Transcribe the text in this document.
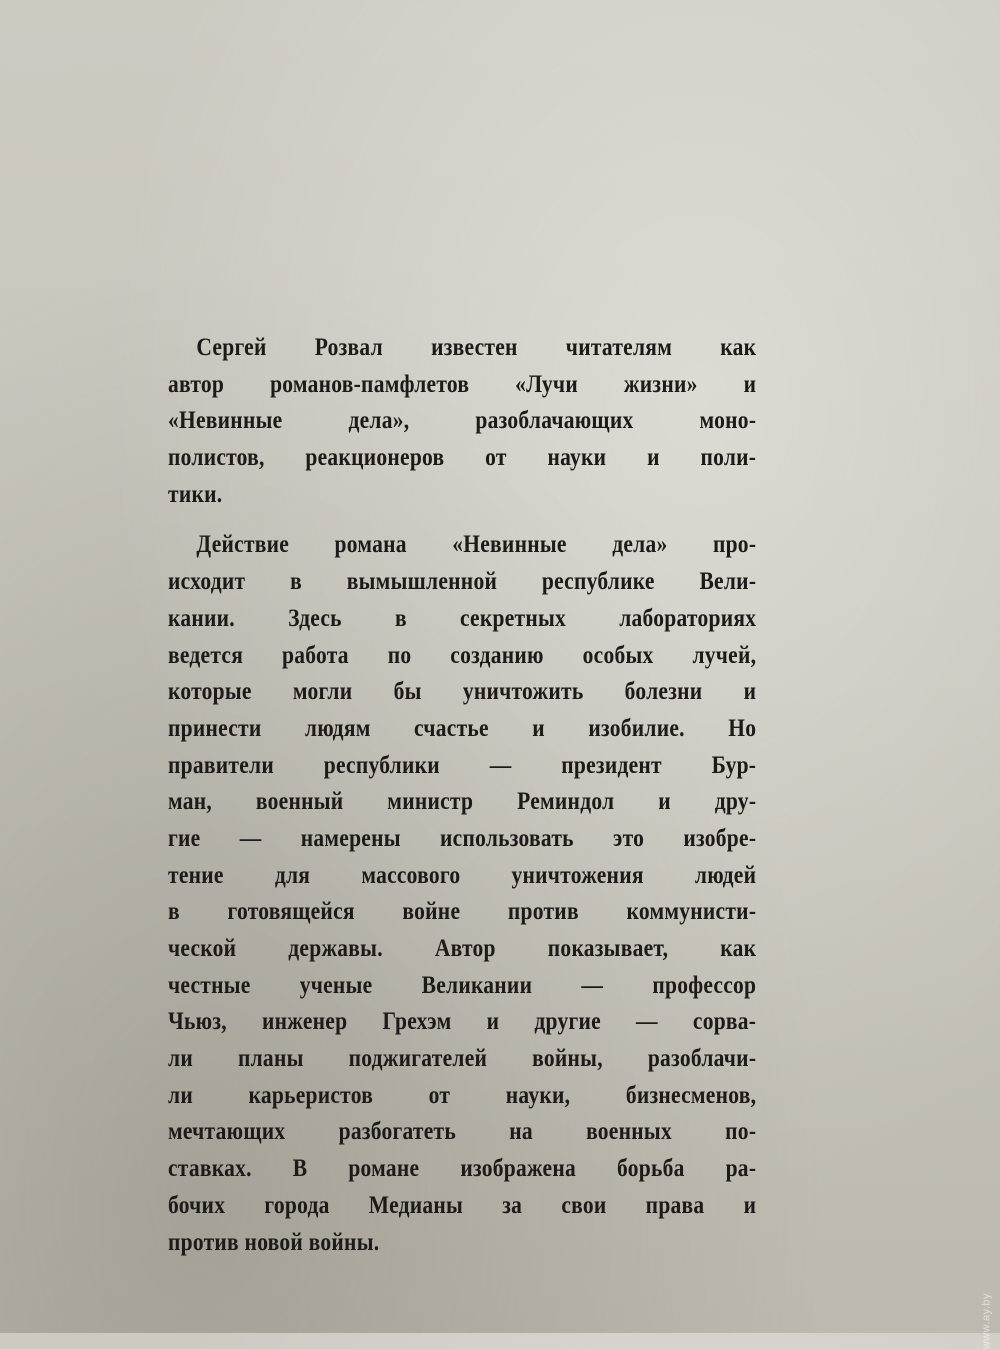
Сергей Розвал известен читателям как
автор романов-памфлетов «Лучи жизни» и
«Невинные дела», разоблачающих моно-
полистов, реакционеров от науки и поли-
тики.
Действие романа «Невинные дела» про-
исходит в вымышленной республике Вели-
кании. Здесь в секретных лабораториях
ведется работа по созданию особых лучей,
которые могли бы уничтожить болезни и
принести людям счастье и изобилие. Но
правители республики — президент Бур-
ман, военный министр Реминдол и дру-
гие — намерены использовать это изобре-
тение для массового уничтожения людей
в готовящейся войне против коммунисти-
ческой державы. Автор показывает, как
честные ученые Великании — профессор
Чьюз, инженер Грехэм и другие — сорва-
ли планы поджигателей войны, разоблачи-
ли карьеристов от науки, бизнесменов,
мечтающих разбогатеть на военных по-
ставках. В романе изображена борьба ра-
бочих города Медианы за свои права и
против новой войны.
www.ay.by
